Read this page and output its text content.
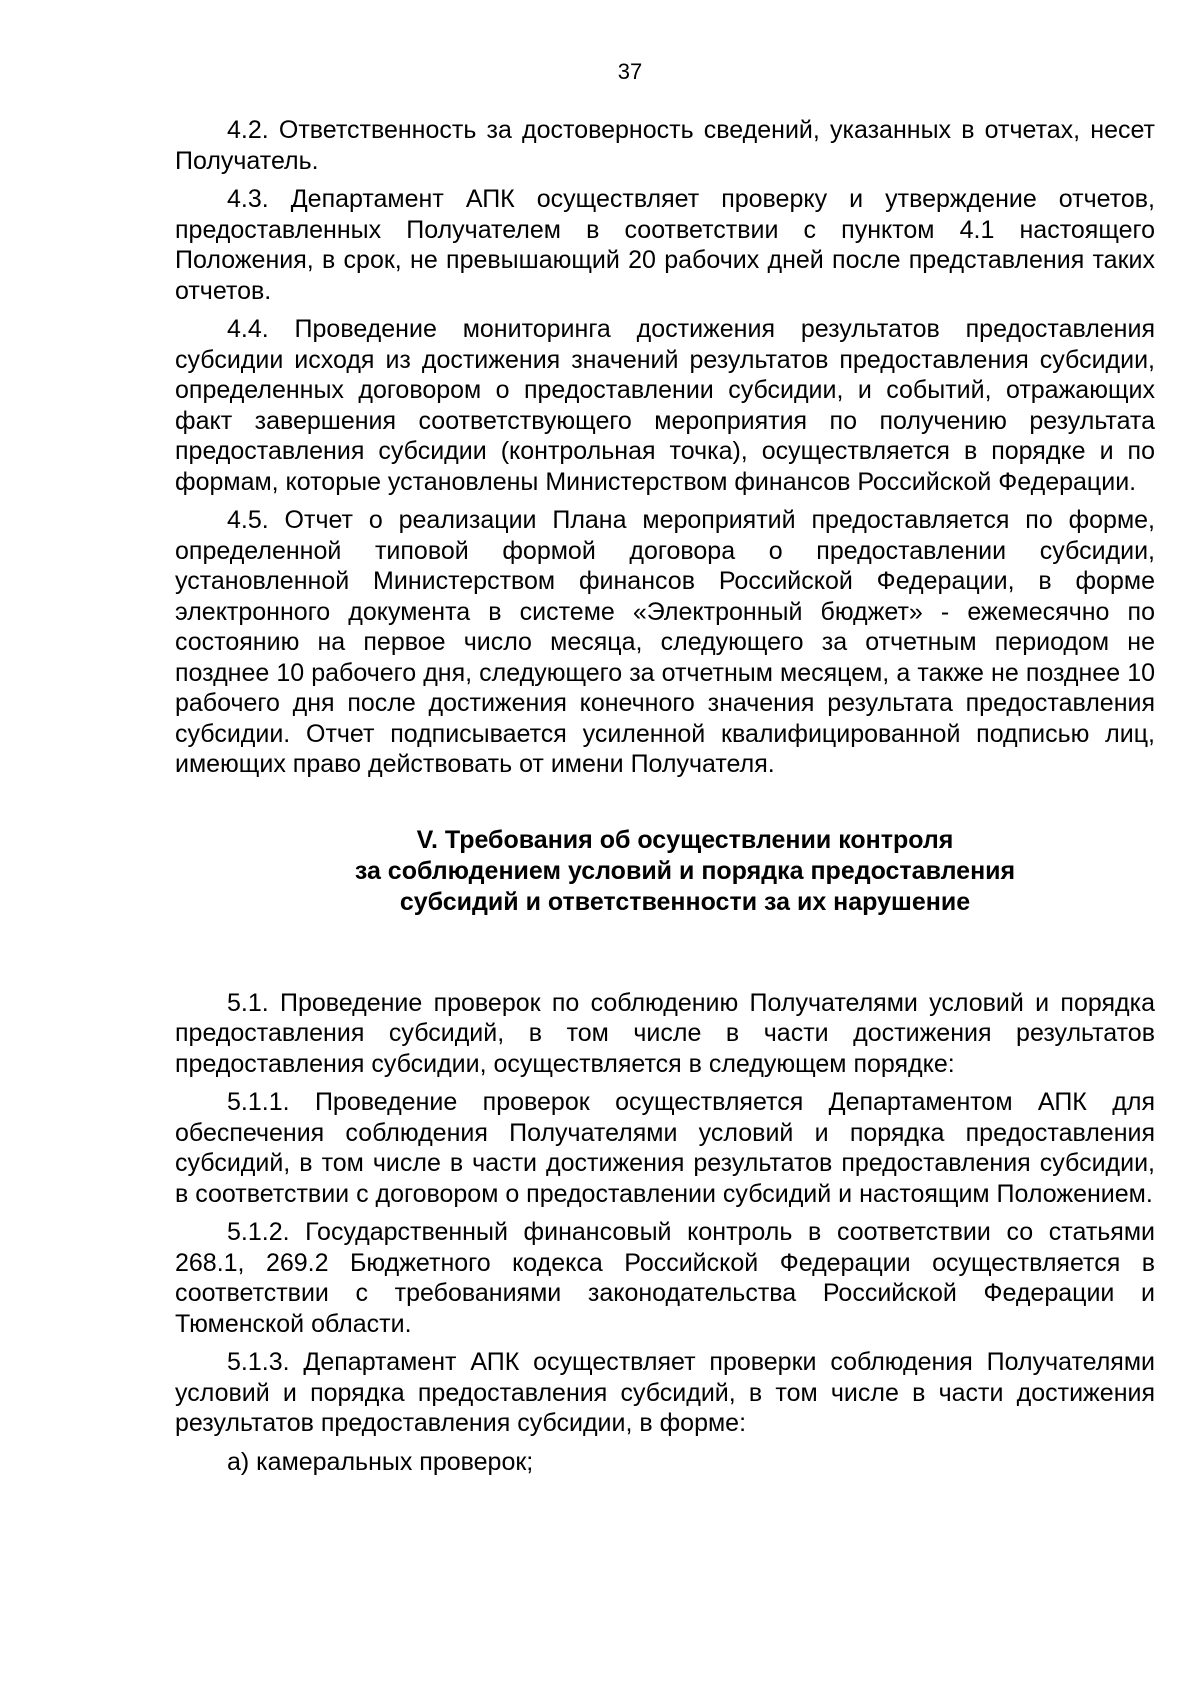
37

4.2. Ответственность за достоверность сведений, указанных в отчетах, несет Получатель.

4.3. Департамент АПК осуществляет проверку и утверждение отчетов, предоставленных Получателем в соответствии с пунктом 4.1 настоящего Положения, в срок, не превышающий 20 рабочих дней после представления таких отчетов.

4.4. Проведение мониторинга достижения результатов предоставления субсидии исходя из достижения значений результатов предоставления субсидии, определенных договором о предоставлении субсидии, и событий, отражающих факт завершения соответствующего мероприятия по получению результата предоставления субсидии (контрольная точка), осуществляется в порядке и по формам, которые установлены Министерством финансов Российской Федерации.

4.5. Отчет о реализации Плана мероприятий предоставляется по форме, определенной типовой формой договора о предоставлении субсидии, установленной Министерством финансов Российской Федерации, в форме электронного документа в системе «Электронный бюджет» - ежемесячно по состоянию на первое число месяца, следующего за отчетным периодом не позднее 10 рабочего дня, следующего за отчетным месяцем, а также не позднее 10 рабочего дня после достижения конечного значения результата предоставления субсидии. Отчет подписывается усиленной квалифицированной подписью лиц, имеющих право действовать от имени Получателя.

V. Требования об осуществлении контроля
за соблюдением условий и порядка предоставления
субсидий и ответственности за их нарушение

5.1. Проведение проверок по соблюдению Получателями условий и порядка предоставления субсидий, в том числе в части достижения результатов предоставления субсидии, осуществляется в следующем порядке:

5.1.1. Проведение проверок осуществляется Департаментом АПК для обеспечения соблюдения Получателями условий и порядка предоставления субсидий, в том числе в части достижения результатов предоставления субсидии, в соответствии с договором о предоставлении субсидий и настоящим Положением.

5.1.2. Государственный финансовый контроль в соответствии со статьями 268.1, 269.2 Бюджетного кодекса Российской Федерации осуществляется в соответствии с требованиями законодательства Российской Федерации и Тюменской области.

5.1.3. Департамент АПК осуществляет проверки соблюдения Получателями условий и порядка предоставления субсидий, в том числе в части достижения результатов предоставления субсидии, в форме:

а) камеральных проверок;
